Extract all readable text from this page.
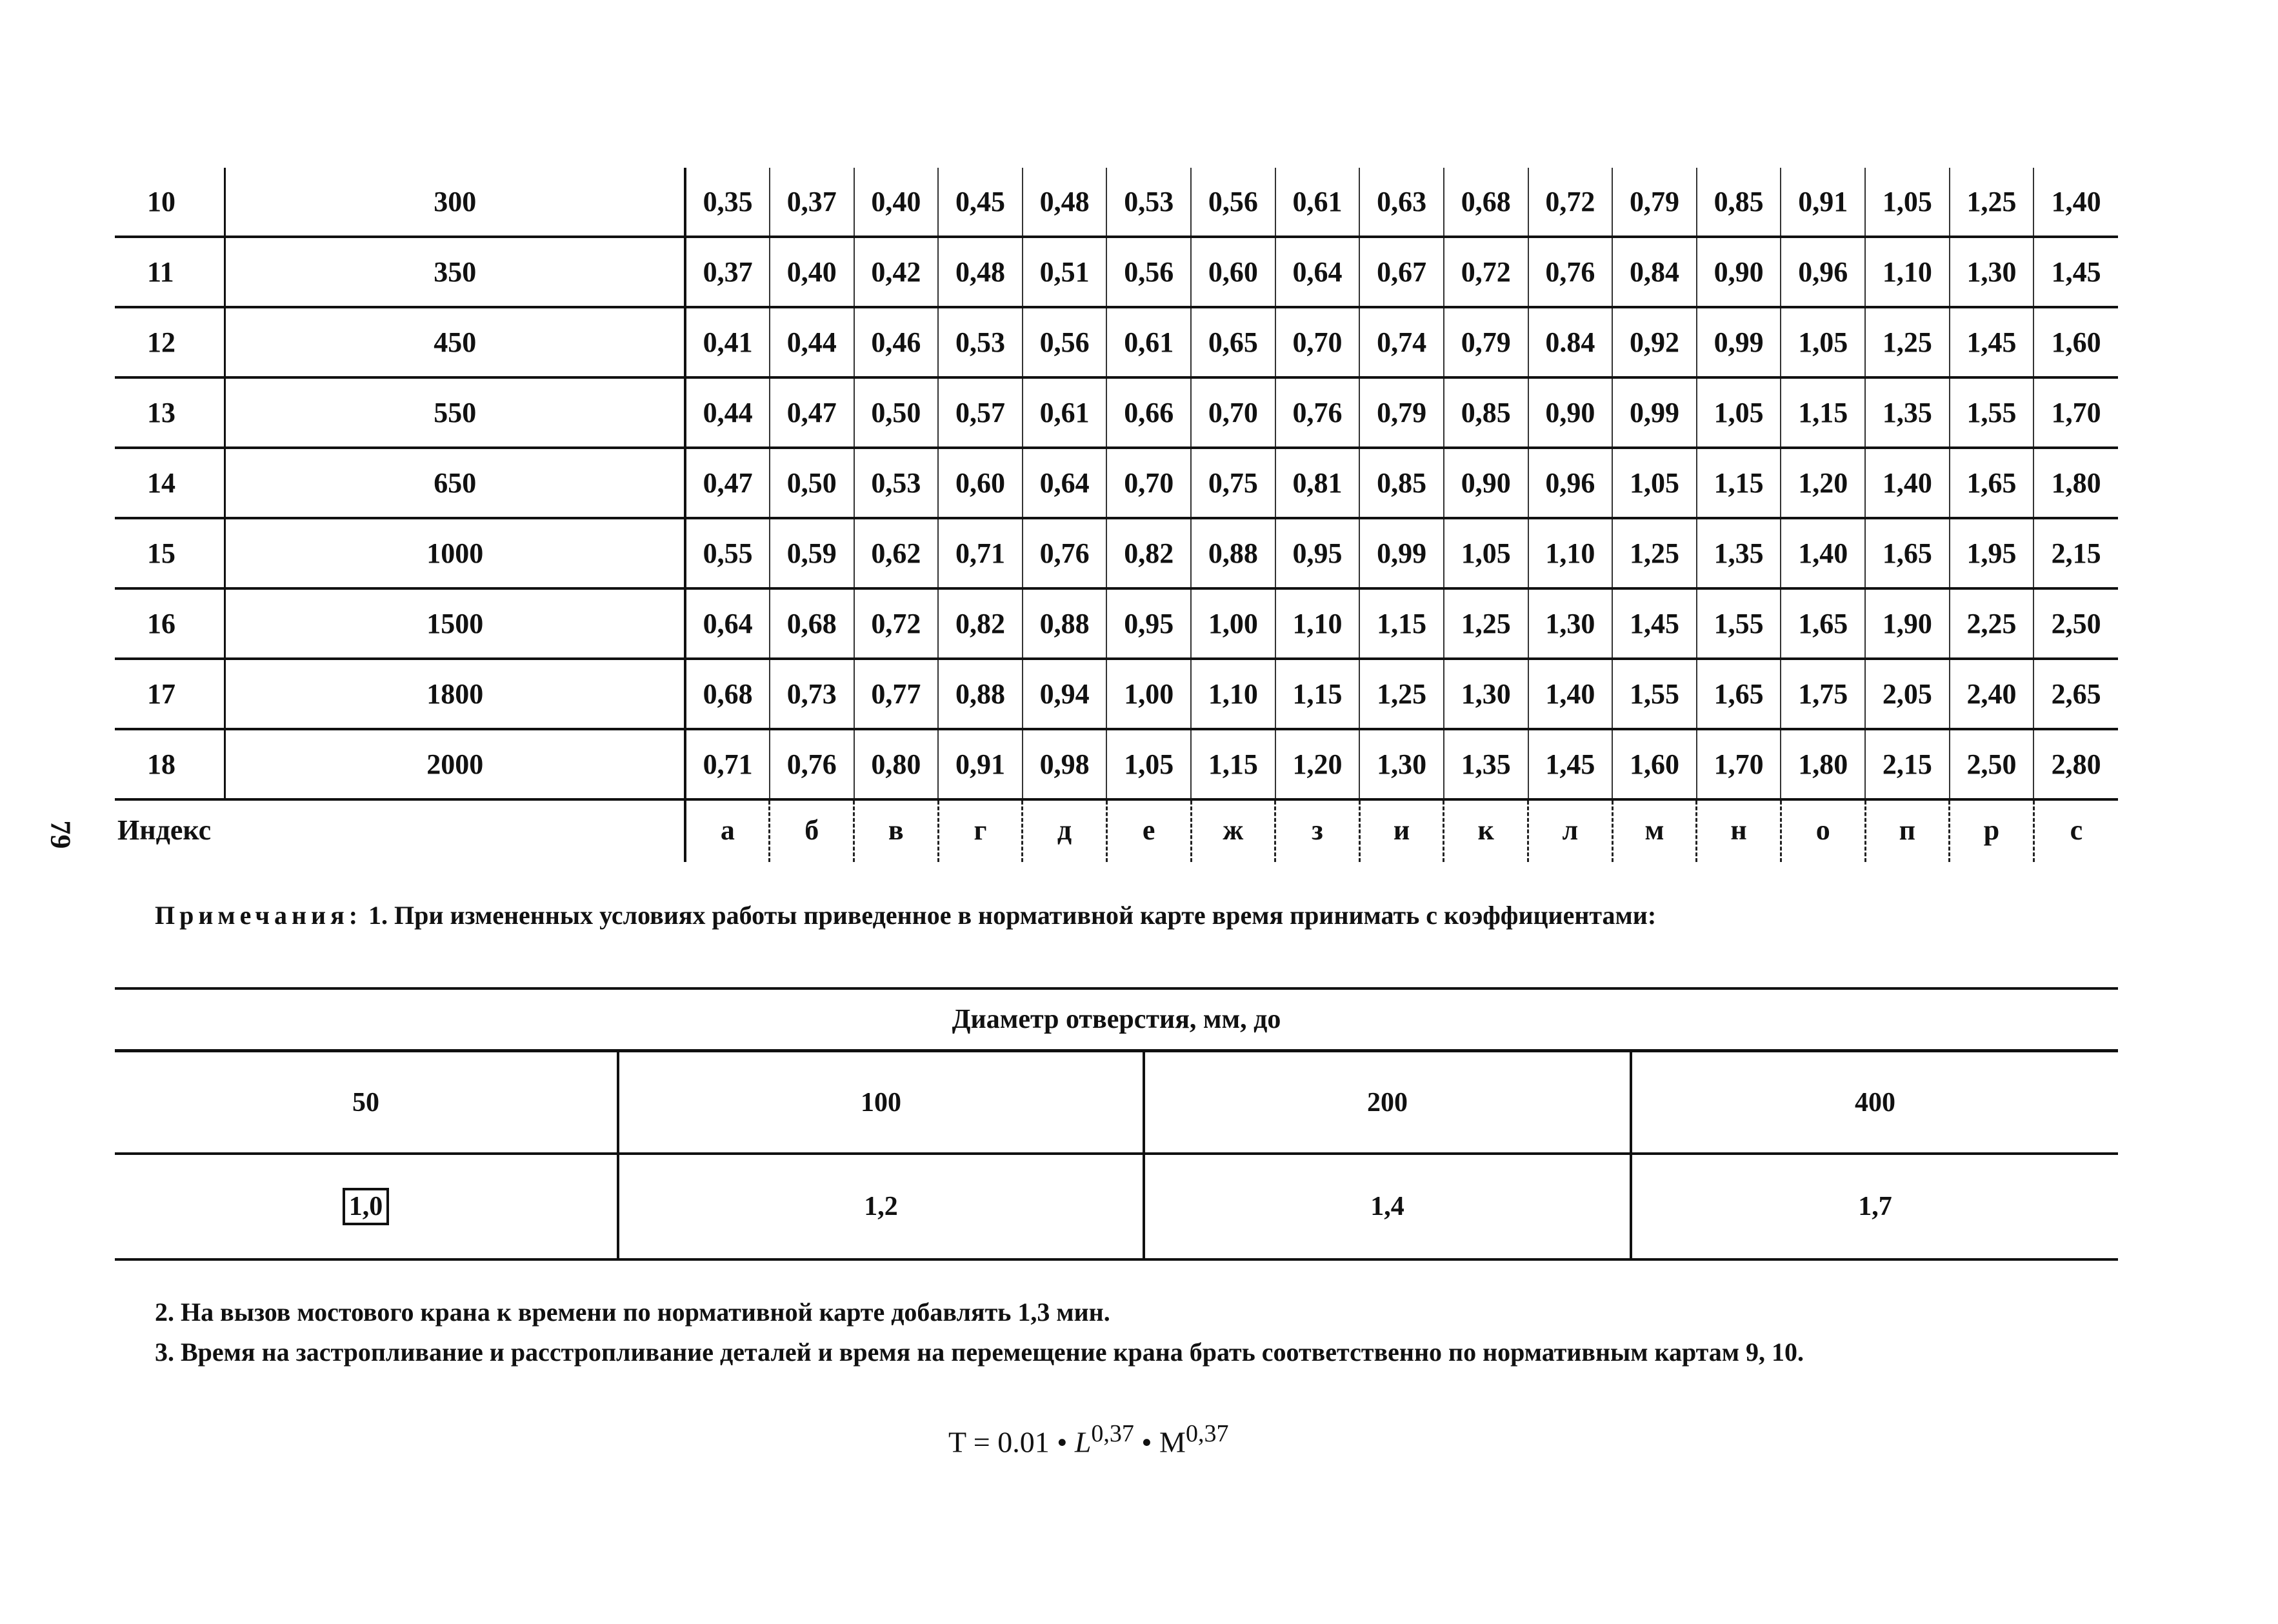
10	300	0,35	0,37	0,40	0,45	0,48	0,53	0,56	0,61	0,63	0,68	0,72	0,79	0,85	0,91	1,05	1,25	1,40
11	350	0,37	0,40	0,42	0,48	0,51	0,56	0,60	0,64	0,67	0,72	0,76	0,84	0,90	0,96	1,10	1,30	1,45
12	450	0,41	0,44	0,46	0,53	0,56	0,61	0,65	0,70	0,74	0,79	0.84	0,92	0,99	1,05	1,25	1,45	1,60
13	550	0,44	0,47	0,50	0,57	0,61	0,66	0,70	0,76	0,79	0,85	0,90	0,99	1,05	1,15	1,35	1,55	1,70
14	650	0,47	0,50	0,53	0,60	0,64	0,70	0,75	0,81	0,85	0,90	0,96	1,05	1,15	1,20	1,40	1,65	1,80
15	1000	0,55	0,59	0,62	0,71	0,76	0,82	0,88	0,95	0,99	1,05	1,10	1,25	1,35	1,40	1,65	1,95	2,15
16	1500	0,64	0,68	0,72	0,82	0,88	0,95	1,00	1,10	1,15	1,25	1,30	1,45	1,55	1,65	1,90	2,25	2,50
17	1800	0,68	0,73	0,77	0,88	0,94	1,00	1,10	1,15	1,25	1,30	1,40	1,55	1,65	1,75	2,05	2,40	2,65
18	2000	0,71	0,76	0,80	0,91	0,98	1,05	1,15	1,20	1,30	1,35	1,45	1,60	1,70	1,80	2,15	2,50	2,80
Индекс		а	б	в	г	д	е	ж	з	и	к	л	м	н	о	п	р	с
79
Примечания: 1. При измененных условиях работы приведенное в нормативной карте время принимать с коэффициентами:
Диаметр отверстия, мм, до			
50	100	200	400
1,0	1,2	1,4	1,7
2. На вызов мостового крана к времени по нормативной карте добавлять 1,3 мин.
3. Время на застропливание и расстропливание деталей и время на перемещение крана брать соответственно по нормативным картам 9, 10.
T = 0.01 • L$^{0,37}$ • M$^{0,37}$
